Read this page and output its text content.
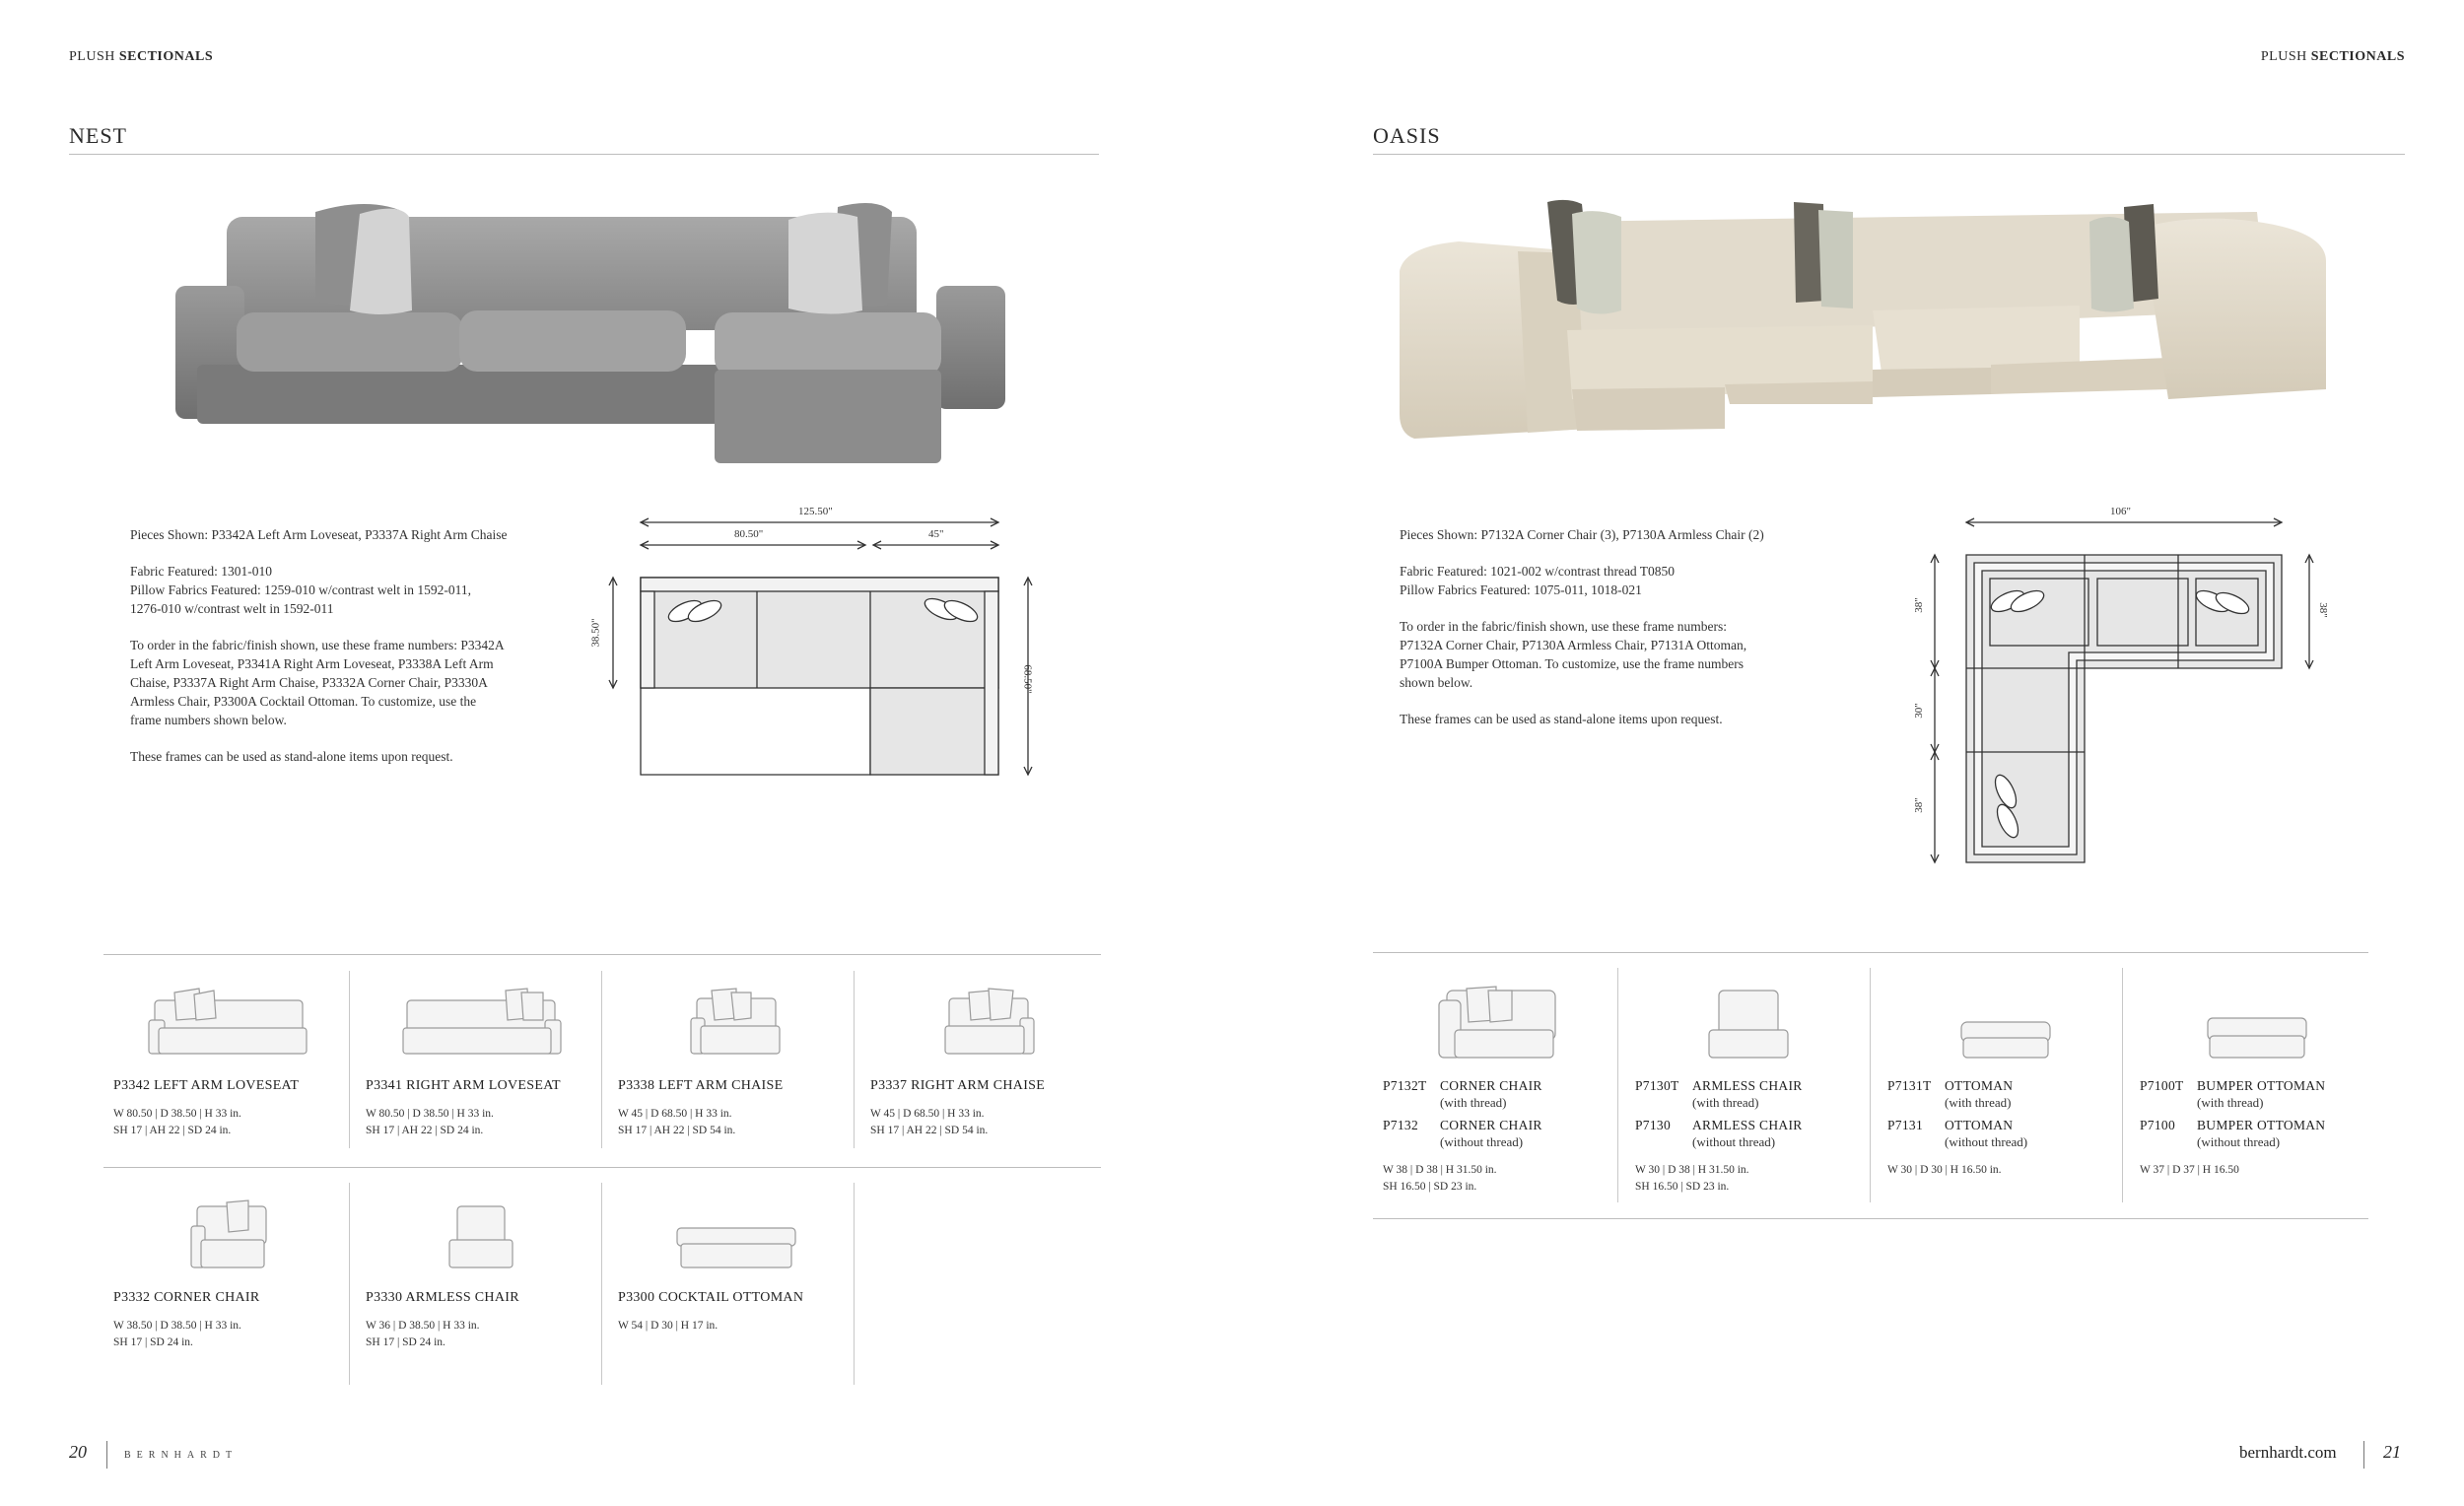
PLUSH SECTIONALS	PLUSH SECTIONALS
NEST

Pieces Shown: P3342A Left Arm Loveseat, P3337A Right Arm Chaise

Fabric Featured: 1301-010
Pillow Fabrics Featured: 1259-010 w/contrast welt in 1592-011,
1276-010 w/contrast welt in 1592-011

To order in the fabric/finish shown, use these frame numbers: P3342A
Left Arm Loveseat, P3341A Right Arm Loveseat, P3338A Left Arm
Chaise, P3337A Right Arm Chaise, P3332A Corner Chair, P3330A
Armless Chair, P3300A Cocktail Ottoman. To customize, use the
frame numbers shown below.

These frames can be used as stand-alone items upon request.

125.50"
80.50"	45"
38.50"
68.50"
P3342 LEFT ARM LOVESEAT
W 80.50 | D 38.50 | H 33 in.
SH 17 | AH 22 | SD 24 in.
P3341 RIGHT ARM LOVESEAT
W 80.50 | D 38.50 | H 33 in.
SH 17 | AH 22 | SD 24 in.
P3338 LEFT ARM CHAISE
W 45 | D 68.50 | H 33 in.
SH 17 | AH 22 | SD 54 in.
P3337 RIGHT ARM CHAISE
W 45 | D 68.50 | H 33 in.
SH 17 | AH 22 | SD 54 in.
P3332 CORNER CHAIR
W 38.50 | D 38.50 | H 33 in.
SH 17 | SD 24 in.
P3330 ARMLESS CHAIR
W 36 | D 38.50 | H 33 in.
SH 17 | SD 24 in.
P3300 COCKTAIL OTTOMAN
W 54 | D 30 | H 17 in.
OASIS

Pieces Shown: P7132A Corner Chair (3), P7130A Armless Chair (2)

Fabric Featured: 1021-002 w/contrast thread T0850
Pillow Fabrics Featured: 1075-011, 1018-021

To order in the fabric/finish shown, use these frame numbers:
P7132A Corner Chair, P7130A Armless Chair, P7131A Ottoman,
P7100A Bumper Ottoman. To customize, use the frame numbers
shown below.

These frames can be used as stand-alone items upon request.

106"
38"
30"
38"
38"
P7132T CORNER CHAIR
(with thread)
P7132 CORNER CHAIR
(without thread)
W 38 | D 38 | H 31.50 in.
SH 16.50 | SD 23 in.
P7130T ARMLESS CHAIR
(with thread)
P7130 ARMLESS CHAIR
(without thread)
W 30 | D 38 | H 31.50 in.
SH 16.50 | SD 23 in.
P7131T OTTOMAN
(with thread)
P7131 OTTOMAN
(without thread)
W 30 | D 30 | H 16.50 in.
P7100T BUMPER OTTOMAN
(with thread)
P7100 BUMPER OTTOMAN
(without thread)
W 37 | D 37 | H 16.50
20	BERNHARDT	bernhardt.com	21
